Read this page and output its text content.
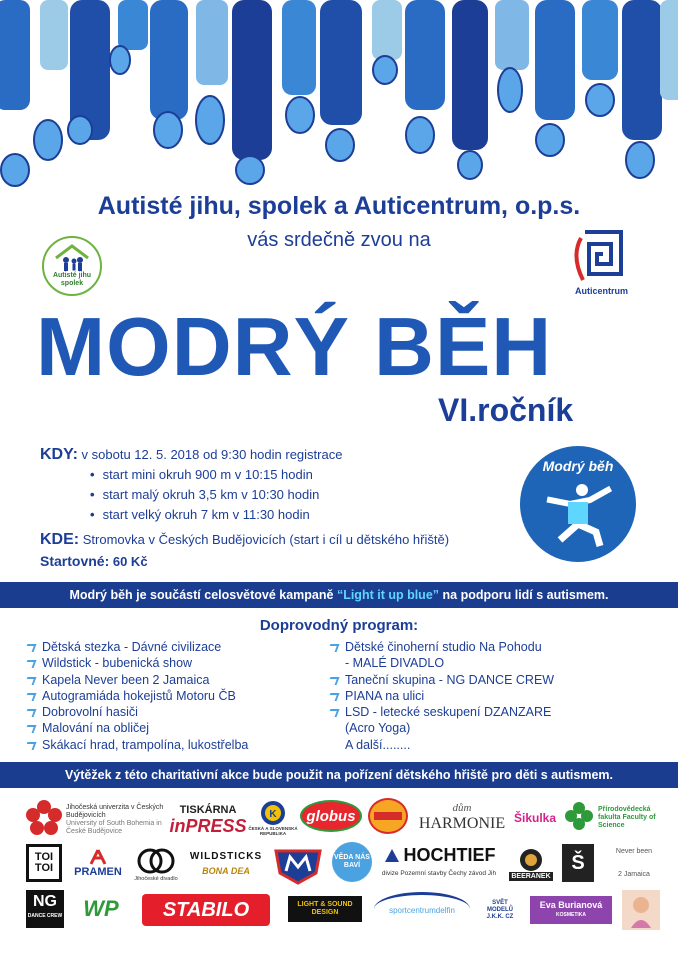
Autisté jihu, spolek a Auticentrum, o.p.s.
vás srdečně zvou na
Autisté jihu spolek
Auticentrum
MODRÝ BĚH
VI.ročník
KDY: v sobotu 12. 5. 2018 od 9:30 hodin registrace
• start mini okruh 900 m v 10:15 hodin
• start malý okruh 3,5 km v 10:30 hodin
• start velký okruh 7 km v 11:30 hodin
KDE: Stromovka v Českých Budějovicích (start i cíl u dětského hřiště)
Startovné: 60 Kč
Modrý běh
Modrý běh je součástí celosvětové kampaně “Light it up blue” na podporu lidí s autismem.
Doprovodný program:
Dětská stezka - Dávné civilizace
Wildstick - bubenická show
Kapela Never been 2 Jamaica
Autogramiáda hokejistů Motoru ČB
Dobrovolní hasiči
Malování na obličej
Skákací hrad, trampolína, lukostřelba
Dětské činoherní studio Na Pohodu
- MALÉ DIVADLO
Taneční skupina - NG DANCE CREW
PIANA na ulici
LSD - letecké seskupení DZANZARE
(Acro Yoga)
A další........
Výtěžek z této charitativní akce bude použit na pořízení dětského hřiště pro děti s autismem.
Jihočeská univerzita v Českých Budějovicích
University of South Bohemia in České Budějovice
TISKÁRNA
inPRESS
K
ČESKÁ A SLOVENSKÁ REPUBLIKA
globus	dům
HARMONIE Šikulka
Přírodovědecká fakulta Faculty of Science
TOI TOI	PRAMEN
Jihočeské divadlo
WILDSTICKS
BONA DEA
VĚDA NÁS BAVÍ
HOCHTIEF
divize Pozemní stavby Čechy závod Jih BEERANEK
Š	Never been
2 Jamaica
NG
DANCE CREW WP	STABILO	LIGHT & SOUND DESIGN	sportcentrumdelfin
SVĚT MODELŮ J.K.K. CZ
Eva Burianová
KOSMETIKA
